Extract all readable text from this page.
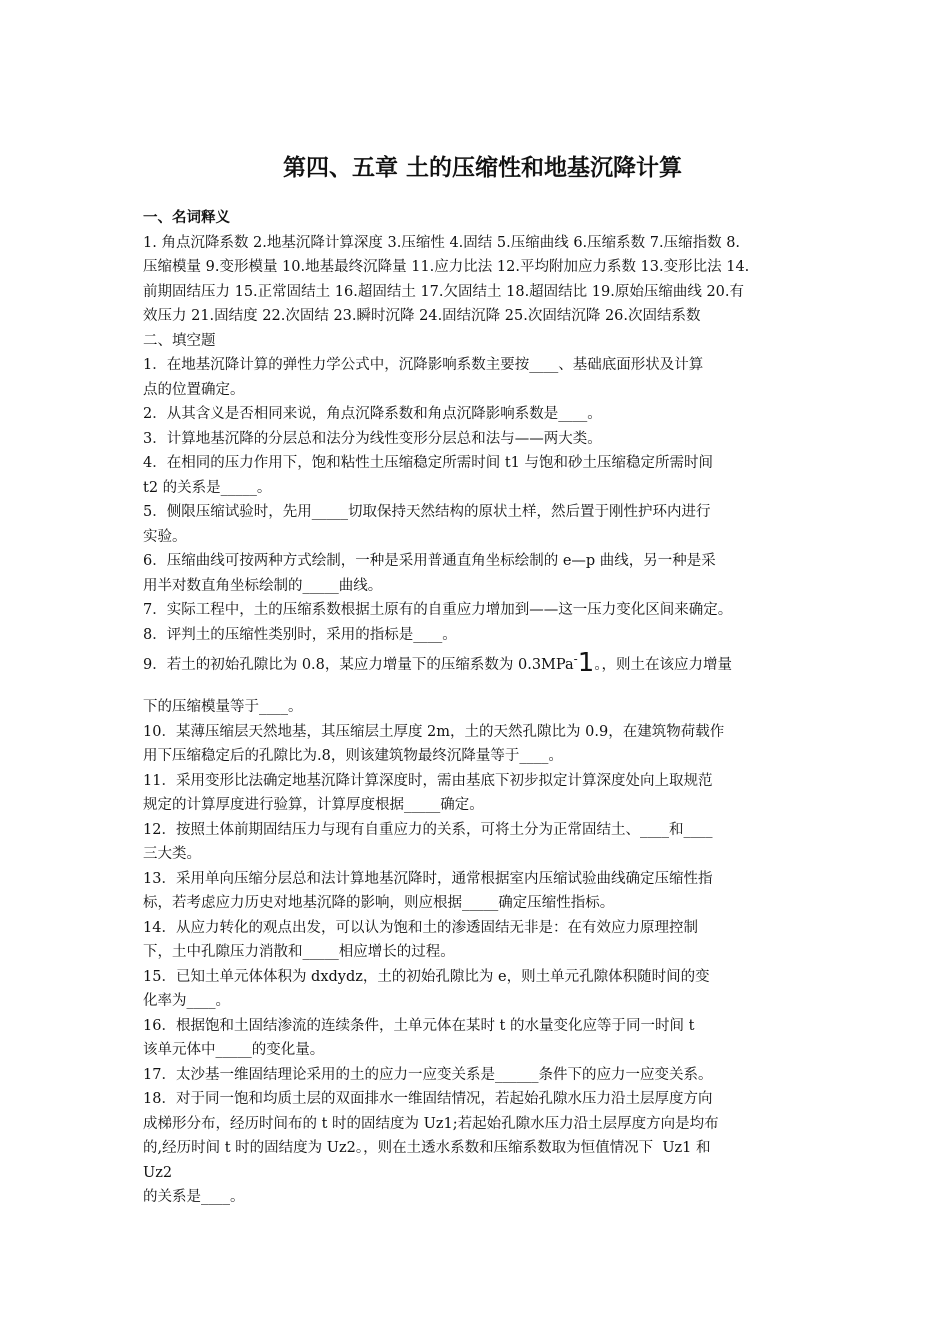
第四、五章 土的压缩性和地基沉降计算

一、名词释义

1. 角点沉降系数 2.地基沉降计算深度 3.压缩性 4.固结 5.压缩曲线 6.压缩系数 7.压缩指数 8.

压缩模量 9.变形模量 10.地基最终沉降量 11.应力比法 12.平均附加应力系数 13.变形比法 14.

前期固结压力 15.正常固结土 16.超固结土 17.欠固结土 18.超固结比 19.原始压缩曲线 20.有

效压力 21.固结度 22.次固结 23.瞬时沉降 24.固结沉降 25.次固结沉降 26.次固结系数

二、填空题

1．在地基沉降计算的弹性力学公式中，沉降影响系数主要按____、基础底面形状及计算

点的位置确定。

2．从其含义是否相同来说，角点沉降系数和角点沉降影响系数是____。

3．计算地基沉降的分层总和法分为线性变形分层总和法与——两大类。

4．在相同的压力作用下，饱和粘性土压缩稳定所需时间 t1 与饱和砂土压缩稳定所需时间

t2 的关系是_____。

5．侧限压缩试验时，先用_____切取保持天然结构的原状土样，然后置于刚性护环内进行

实验。

6．压缩曲线可按两种方式绘制，一种是采用普通直角坐标绘制的 e—p 曲线，另一种是采

用半对数直角坐标绘制的_____曲线。

7．实际工程中，土的压缩系数根据土原有的自重应力增加到——这一压力变化区间来确定。

8．评判土的压缩性类别时，采用的指标是____。

9．若土的初始孔隙比为 0.8，某应力增量下的压缩系数为 0.3MPa-1。，则土在该应力增量

下的压缩模量等于____。

10．某薄压缩层天然地基，其压缩层土厚度 2m，土的天然孔隙比为 0.9，在建筑物荷载作

用下压缩稳定后的孔隙比为.8，则该建筑物最终沉降量等于____。

11．采用变形比法确定地基沉降计算深度时，需由基底下初步拟定计算深度处向上取规范

规定的计算厚度进行验算，计算厚度根据_____确定。

12．按照土体前期固结压力与现有自重应力的关系，可将土分为正常固结土、____和____

三大类。

13．采用单向压缩分层总和法计算地基沉降时，通常根据室内压缩试验曲线确定压缩性指

标，若考虑应力历史对地基沉降的影响，则应根据_____确定压缩性指标。

14．从应力转化的观点出发，可以认为饱和土的渗透固结无非是：在有效应力原理控制

下，土中孔隙压力消散和_____相应增长的过程。

15．已知土单元体体积为 dxdydz，土的初始孔隙比为 e，则土单元孔隙体积随时间的变

化率为____。

16．根据饱和土固结渗流的连续条件，土单元体在某时 t 的水量变化应等于同一时间 t

该单元体中_____的变化量。

17．太沙基一维固结理论采用的土的应力一应变关系是______条件下的应力一应变关系。

18．对于同一饱和均质土层的双面排水一维固结情况，若起始孔隙水压力沿土层厚度方向

成梯形分布，经历时间布的 t 时的固结度为 Uz1;若起始孔隙水压力沿土层厚度方向是均布

的,经历时间 t 时的固结度为 Uz2。，则在土透水系数和压缩系数取为恒值情况下  Uz1 和

Uz2

的关系是____。
